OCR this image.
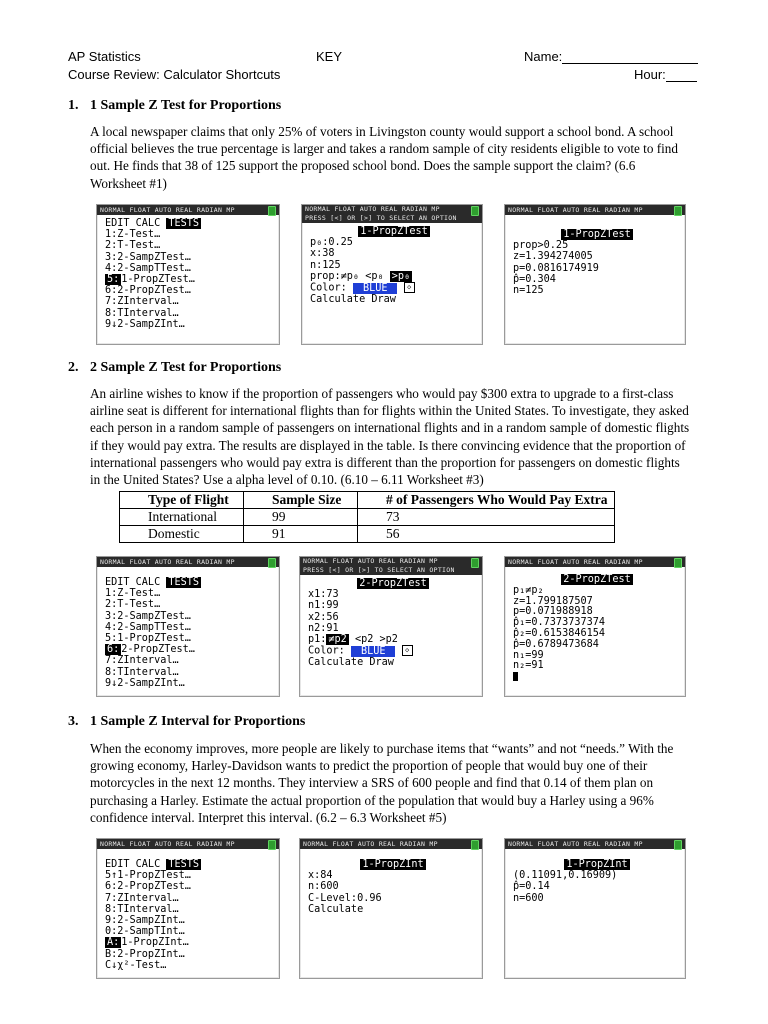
AP Statistics	KEY	Name:
Course Review: Calculator Shortcuts	Hour:
1. 1 Sample Z Test for Proportions
A local newspaper claims that only 25% of voters in Livingston county would support a school bond. A school official believes the true percentage is larger and takes a random sample of city residents eligible to vote to find out. He finds that 38 of 125 support the proposed school bond. Does the sample support the claim? (6.6 Worksheet #1)
NORMAL FLOAT AUTO REAL RADIAN MP
EDIT CALC TESTS
1:Z-Test…
2:T-Test…
3:2-SampZTest…
4:2-SampTTest…
5: 1-PropZTest…
6:2-PropZTest…
7:ZInterval…
8:TInterval…
9↓2-SampZInt…
NORMAL FLOAT AUTO REAL RADIAN MP
PRESS [<] OR [>] TO SELECT AN OPTION
1-PropZTest
p₀:0.25
x:38
n:125
prop:≠p₀ <p₀ >p₀
Color: BLUE	◇
Calculate Draw
NORMAL FLOAT AUTO REAL RADIAN MP
1-PropZTest
prop>0.25
z=1.394274005
p=0.0816174919
p̂=0.304
n=125
2. 2 Sample Z Test for Proportions
An airline wishes to know if the proportion of passengers who would pay $300 extra to upgrade to a first-class airline seat is different for international flights than for flights within the United States. To investigate, they asked each person in a random sample of passengers on international flights and in a random sample of domestic flights if they would pay extra. The results are displayed in the table. Is there convincing evidence that the proportion of international passengers who would pay extra is different than the proportion for passengers on domestic flights in the United States? Use a alpha level of 0.10. (6.10 – 6.11 Worksheet #3)
Type of Flight	Sample Size	# of Passengers Who Would Pay Extra
International	99	73
Domestic	91	56
NORMAL FLOAT AUTO REAL RADIAN MP
EDIT CALC TESTS
1:Z-Test…
2:T-Test…
3:2-SampZTest…
4:2-SampTTest…
5:1-PropZTest…
6: 2-PropZTest…
7:ZInterval…
8:TInterval…
9↓2-SampZInt…
NORMAL FLOAT AUTO REAL RADIAN MP
PRESS [<] OR [>] TO SELECT AN OPTION
2-PropZTest
x1:73
n1:99
x2:56
n2:91
p1: ≠p2 <p2 >p2
Color: BLUE	◇
Calculate Draw
NORMAL FLOAT AUTO REAL RADIAN MP
2-PropZTest
p₁≠p₂
z=1.799187507
p=0.071988918
p̂₁=0.7373737374
p̂₂=0.6153846154
p̂=0.6789473684
n₁=99
n₂=91
3. 1 Sample Z Interval for Proportions
When the economy improves, more people are likely to purchase items that “wants” and not “needs.” With the growing economy, Harley-Davidson wants to predict the proportion of people that would buy one of their motorcycles in the next 12 months. They interview a SRS of 600 people and find that 0.14 of them plan on purchasing a Harley. Estimate the actual proportion of the population that would buy a Harley using a 96% confidence interval. Interpret this interval. (6.2 – 6.3 Worksheet #5)
NORMAL FLOAT AUTO REAL RADIAN MP
EDIT CALC TESTS
5↑1-PropZTest…
6:2-PropZTest…
7:ZInterval…
8:TInterval…
9:2-SampZInt…
0:2-SampTInt…
A: 1-PropZInt…
B:2-PropZInt…
C↓χ²-Test…
NORMAL FLOAT AUTO REAL RADIAN MP
1-PropZInt
x:84
n:600
C-Level:0.96
Calculate
NORMAL FLOAT AUTO REAL RADIAN MP
1-PropZInt
(0.11091,0.16909)
p̂=0.14
n=600
